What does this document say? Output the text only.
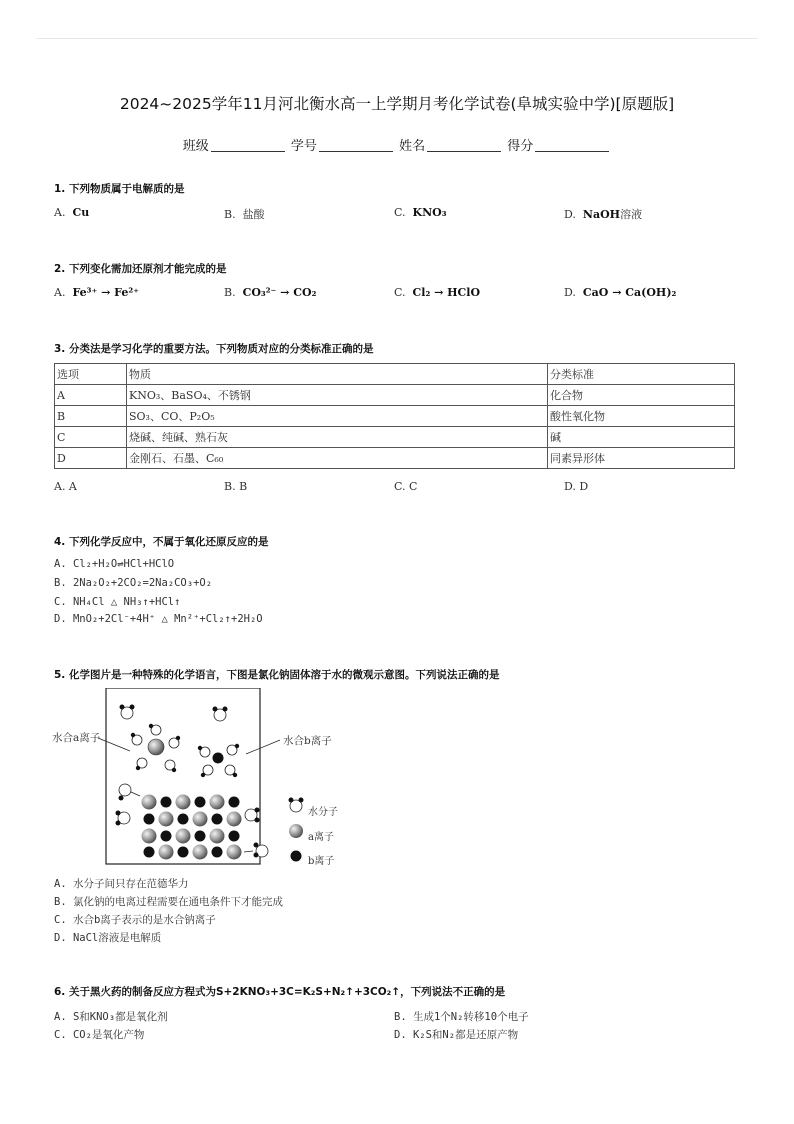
2024~2025学年11月河北衡水高一上学期月考化学试卷(阜城实验中学)[原题版]
班级	学号	姓名	得分
1. 下列物质属于电解质的是
A.  Cu	B.  盐酸	C.  KNO₃	D.  NaOH溶液
2. 下列变化需加还原剂才能完成的是
A.  Fe³⁺ → Fe²⁺	B.  CO₃²⁻ → CO₂	C.  Cl₂ → HClO	D.  CaO → Ca(OH)₂
3. 分类法是学习化学的重要方法。下列物质对应的分类标准正确的是
选项	物质	分类标准
A	KNO₃、BaSO₄、不锈钢	化合物
B	SO₃、CO、P₂O₅	酸性氧化物
C	烧碱、纯碱、熟石灰	碱
D	金刚石、石墨、C₆₀	同素异形体
A. A	B. B	C. C	D. D
4. 下列化学反应中，不属于氧化还原反应的是
A. Cl₂+H₂O⇌HCl+HClO
B. 2Na₂O₂+2CO₂=2Na₂CO₃+O₂
C. NH₄Cl △ NH₃↑+HCl↑
D. MnO₂+2Cl⁻+4H⁺ △ Mn²⁺+Cl₂↑+2H₂O
5. 化学图片是一种特殊的化学语言，下图是氯化钠固体溶于水的微观示意图。下列说法正确的是
水合a离子	水合b离子
水分子
a离子
b离子
A. 水分子间只存在范德华力
B. 氯化钠的电离过程需要在通电条件下才能完成
C. 水合b离子表示的是水合钠离子
D. NaCl溶液是电解质
6. 关于黑火药的制备反应方程式为S+2KNO₃+3C=K₂S+N₂↑+3CO₂↑，下列说法不正确的是
A. S和KNO₃都是氧化剂	B. 生成1个N₂转移10个电子
C. CO₂是氧化产物	D. K₂S和N₂都是还原产物
